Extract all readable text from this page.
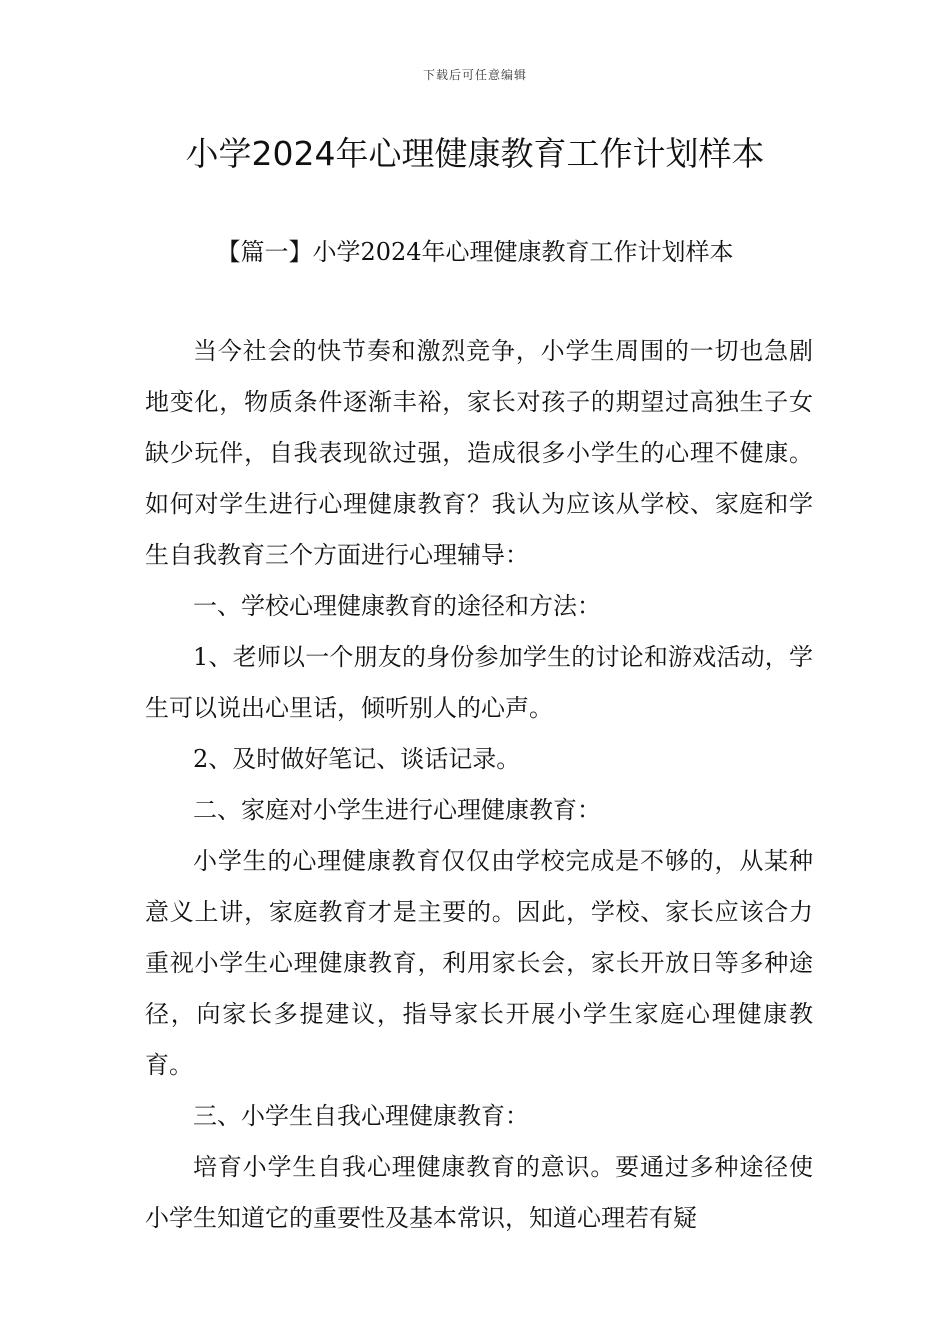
下载后可任意编辑
小学2024年心理健康教育工作计划样本
【篇一】小学2024年心理健康教育工作计划样本

当今社会的快节奏和激烈竞争，小学生周围的一切也急剧地变化，物质条件逐渐丰裕，家长对孩子的期望过高独生子女缺少玩伴，自我表现欲过强，造成很多小学生的心理不健康。如何对学生进行心理健康教育？我认为应该从学校、家庭和学生自我教育三个方面进行心理辅导：

一、学校心理健康教育的途径和方法：

1、老师以一个朋友的身份参加学生的讨论和游戏活动，学生可以说出心里话，倾听别人的心声。

2、及时做好笔记、谈话记录。

二、家庭对小学生进行心理健康教育：

小学生的心理健康教育仅仅由学校完成是不够的，从某种意义上讲，家庭教育才是主要的。因此，学校、家长应该合力重视小学生心理健康教育，利用家长会，家长开放日等多种途径，向家长多提建议，指导家长开展小学生家庭心理健康教育。

三、小学生自我心理健康教育：

培育小学生自我心理健康教育的意识。要通过多种途径使小学生知道它的重要性及基本常识，知道心理若有疑
